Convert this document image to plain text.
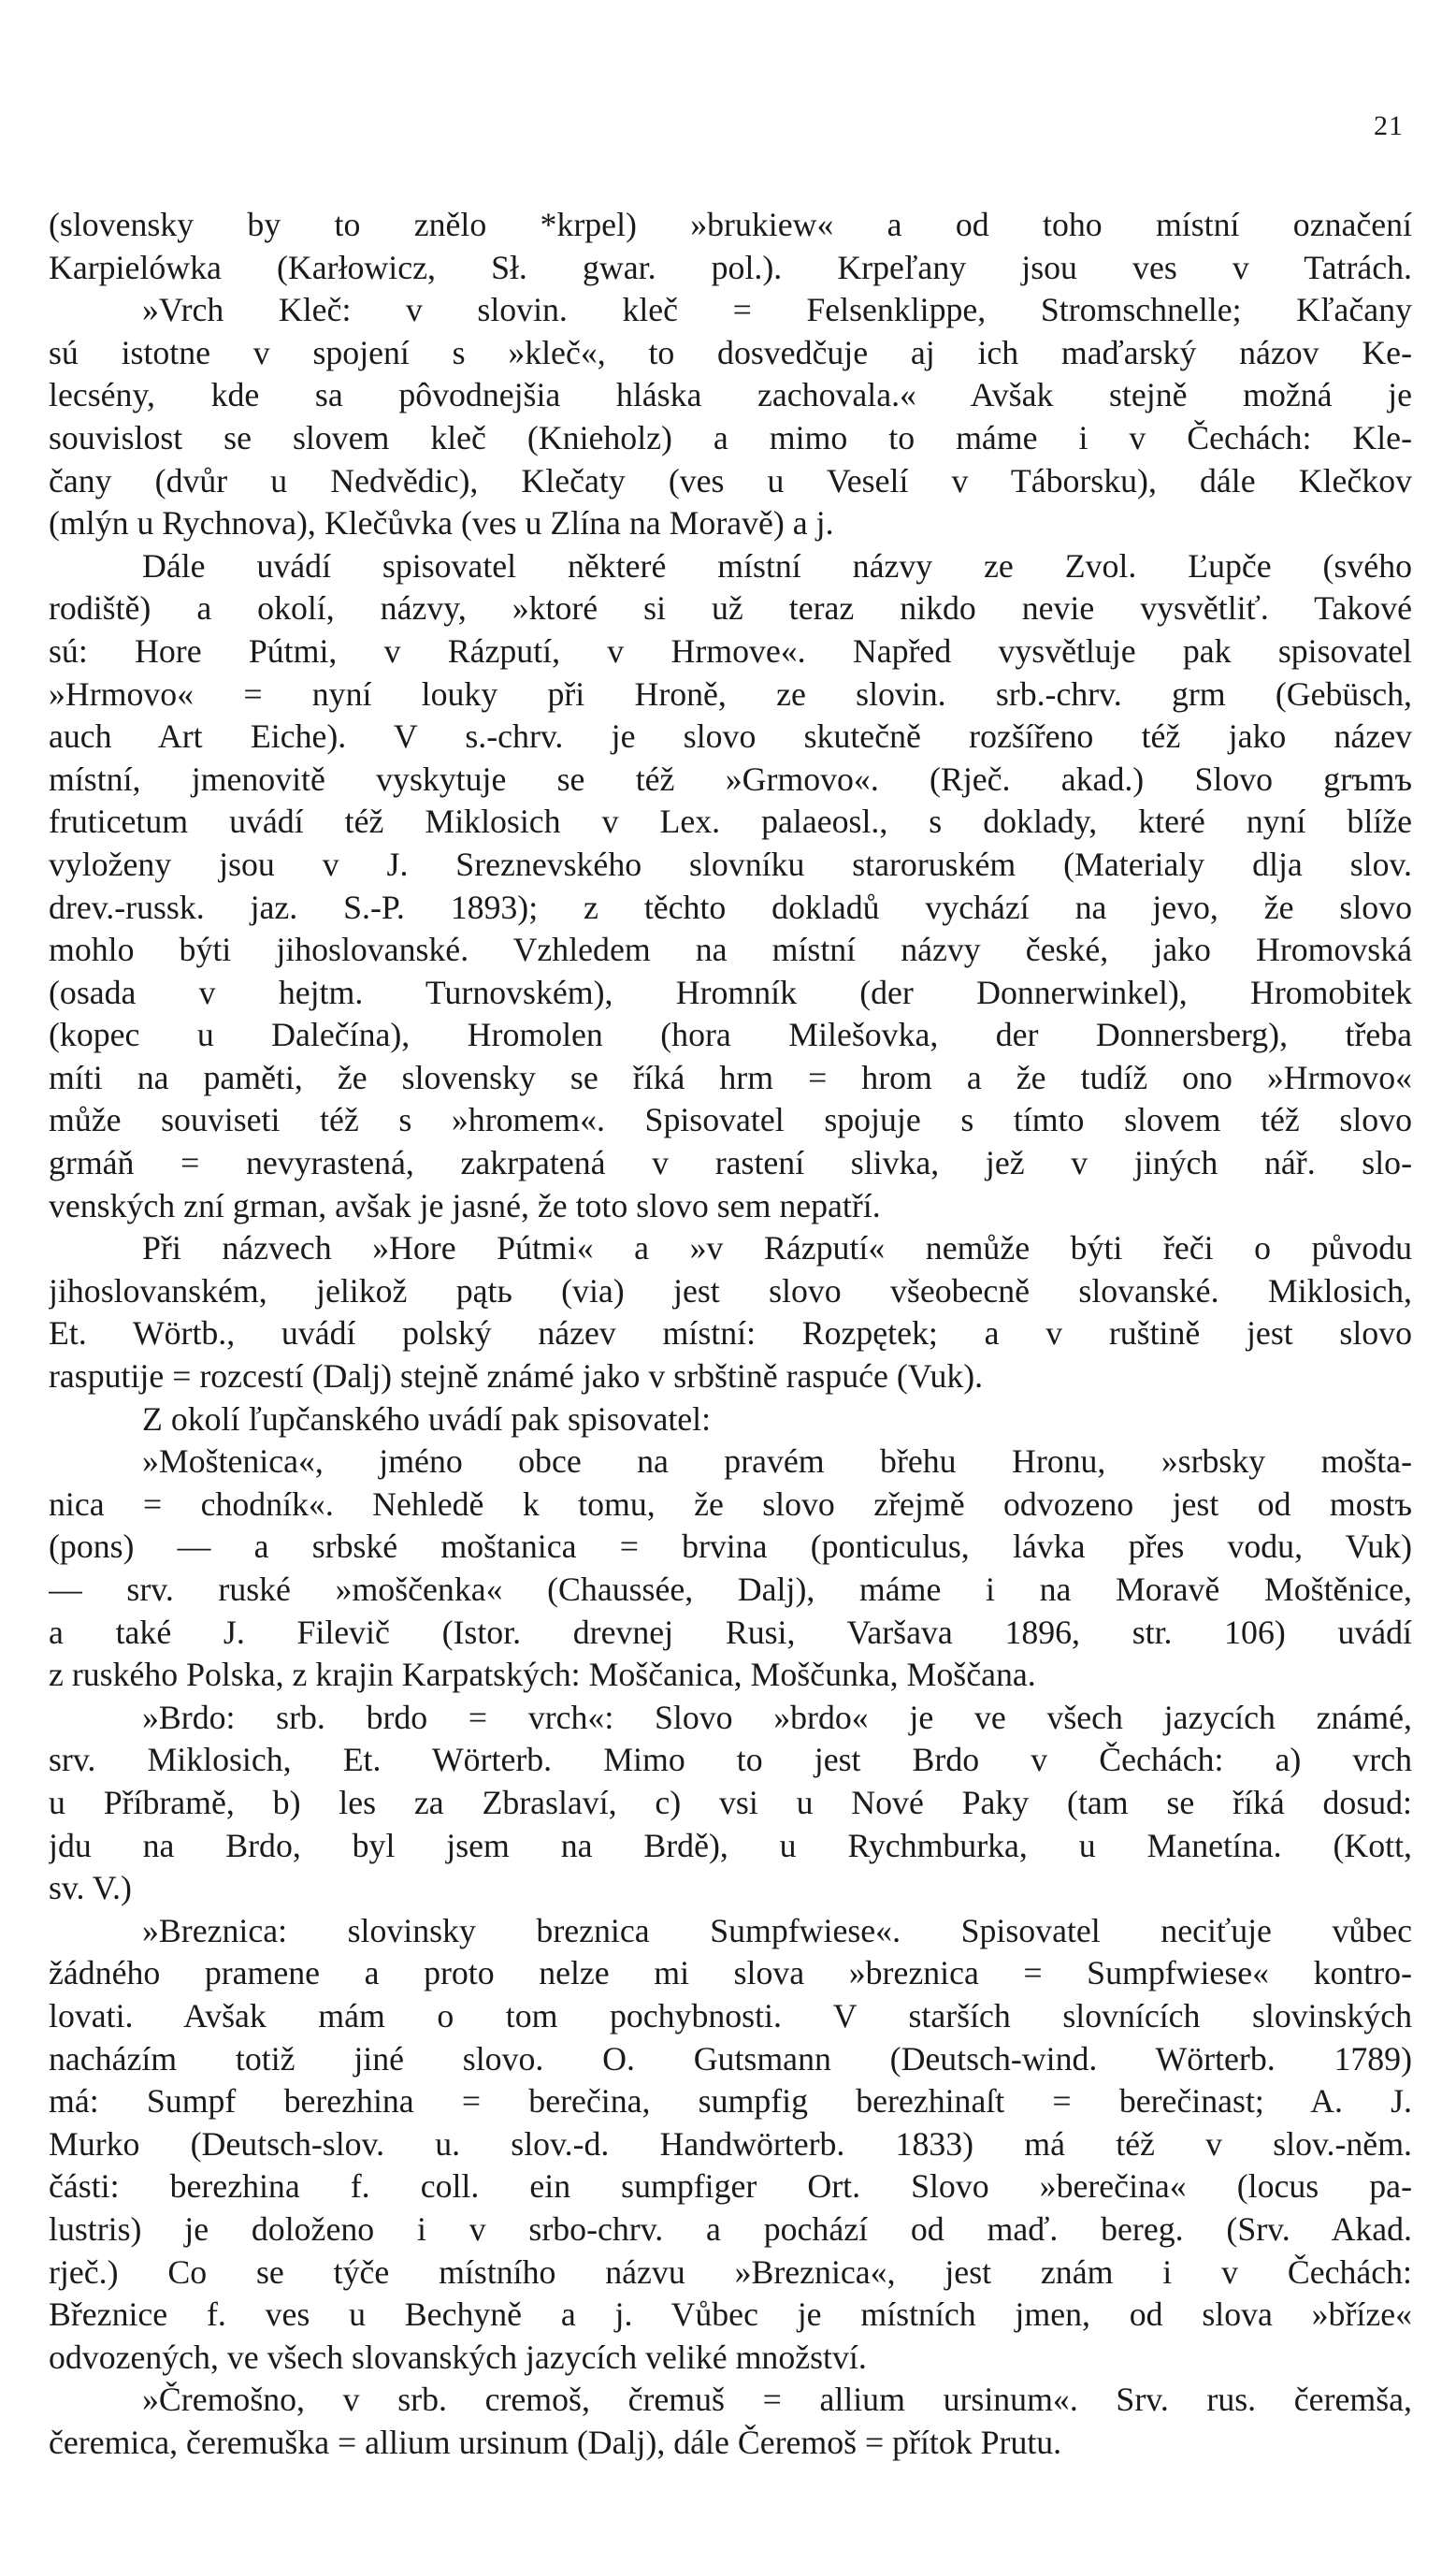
21
(slovensky by to znělo *krpel) »brukiew« a od toho místní označení
Karpielówka (Karłowicz, Sł. gwar. pol.). Krpeľany jsou ves v Tatrách.
»Vrch Kleč: v slovin. kleč = Felsenklippe, Stromschnelle; Kľačany
sú istotne v spojení s »kleč«, to dosvedčuje aj ich maďarský názov Ke-
lecsény, kde sa pôvodnejšia hláska zachovala.« Avšak stejně možná je
souvislost se slovem kleč (Knieholz) a mimo to máme i v Čechách: Kle-
čany (dvůr u Nedvědic), Klečaty (ves u Veselí v Táborsku), dále Klečkov
(mlýn u Rychnova), Klečůvka (ves u Zlína na Moravě) a j.
Dále uvádí spisovatel některé místní názvy ze Zvol. Ľupče (svého
rodiště) a okolí, názvy, »ktoré si už teraz nikdo nevie vysvětliť. Takové
sú: Hore Pútmi, v Rázputí, v Hrmove«. Napřed vysvětluje pak spisovatel
»Hrmovo« = nyní louky při Hroně, ze slovin. srb.-chrv. grm (Gebüsch,
auch Art Eiche). V s.-chrv. je slovo skutečně rozšířeno též jako název
místní, jmenovitě vyskytuje se též »Grmovo«. (Rječ. akad.) Slovo grъmъ
fruticetum uvádí též Miklosich v Lex. palaeosl., s doklady, které nyní blíže
vyloženy jsou v J. Sreznevského slovníku staroruském (Materialy dlja slov.
drev.-russk. jaz. S.-P. 1893); z těchto dokladů vychází na jevo, že slovo
mohlo býti jihoslovanské. Vzhledem na místní názvy české, jako Hromovská
(osada v hejtm. Turnovském), Hromník (der Donnerwinkel), Hromobitek
(kopec u Dalečína), Hromolen (hora Milešovka, der Donnersberg), třeba
míti na paměti, že slovensky se říká hrm = hrom a že tudíž ono »Hrmovo«
může souviseti též s »hromem«. Spisovatel spojuje s tímto slovem též slovo
grmáň = nevyrastená, zakrpatená v rastení slivka, jež v jiných nář. slo-
venských zní grman, avšak je jasné, že toto slovo sem nepatří.
Při názvech »Hore Pútmi« a »v Rázputí« nemůže býti řeči o původu
jihoslovanském, jelikož pątь (via) jest slovo všeobecně slovanské. Miklosich,
Et. Wörtb., uvádí polský název místní: Rozpętek; a v ruštině jest slovo
rasputije = rozcestí (Dalj) stejně známé jako v srbštině raspuće (Vuk).
Z okolí ľupčanského uvádí pak spisovatel:
»Moštenica«, jméno obce na pravém břehu Hronu, »srbsky mošta-
nica = chodník«. Nehledě k tomu, že slovo zřejmě odvozeno jest od mostъ
(pons) — a srbské moštanica = brvina (ponticulus, lávka přes vodu, Vuk)
— srv. ruské »moščenka« (Chaussée, Dalj), máme i na Moravě Moštěnice,
a také J. Filevič (Istor. drevnej Rusi, Varšava 1896, str. 106) uvádí
z ruského Polska, z krajin Karpatských: Moščanica, Moščunka, Moščana.
»Brdo: srb. brdo = vrch«: Slovo »brdo« je ve všech jazycích známé,
srv. Miklosich, Et. Wörterb. Mimo to jest Brdo v Čechách: a) vrch
u Příbramě, b) les za Zbraslaví, c) vsi u Nové Paky (tam se říká dosud:
jdu na Brdo, byl jsem na Brdě), u Rychmburka, u Manetína. (Kott,
sv. V.)
»Breznica: slovinsky breznica Sumpfwiese«. Spisovatel neciťuje vůbec
žádného pramene a proto nelze mi slova »breznica = Sumpfwiese« kontro-
lovati. Avšak mám o tom pochybnosti. V starších slovnících slovinských
nacházím totiž jiné slovo. O. Gutsmann (Deutsch-wind. Wörterb. 1789)
má: Sumpf berezhina = berečina, sumpfig berezhinaſt = berečinast; A. J.
Murko (Deutsch-slov. u. slov.-d. Handwörterb. 1833) má též v slov.-něm.
části: berezhina f. coll. ein sumpfiger Ort. Slovo »berečina« (locus pa-
lustris) je doloženo i v srbo-chrv. a pochází od maď. bereg. (Srv. Akad.
rječ.) Co se týče místního názvu »Breznica«, jest znám i v Čechách:
Březnice f. ves u Bechyně a j. Vůbec je místních jmen, od slova »bříze«
odvozených, ve všech slovanských jazycích veliké množství.
»Čremošno, v srb. cremoš, čremuš = allium ursinum«. Srv. rus. čeremša,
čeremica, čeremuška = allium ursinum (Dalj), dále Čeremoš = přítok Prutu.
